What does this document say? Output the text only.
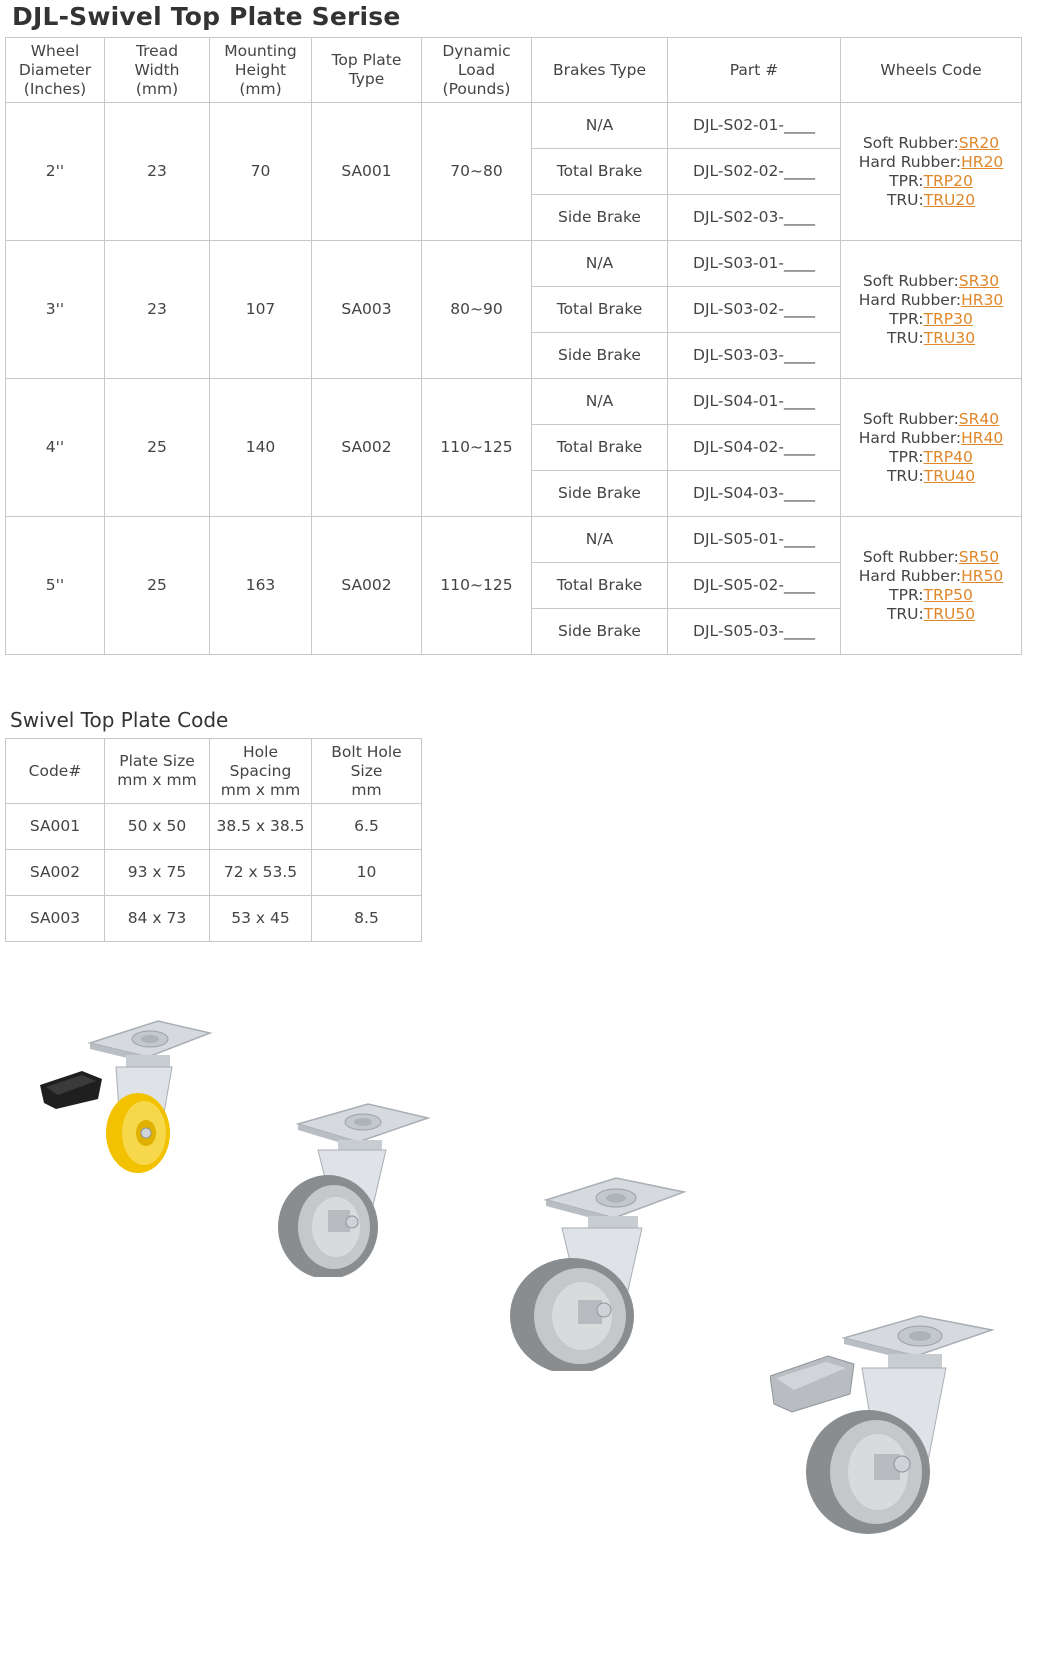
DJL-Swivel Top Plate Serise
Wheel
Diameter
(Inches)	Tread
Width
(mm)	Mounting
Height
(mm)	Top Plate
Type	Dynamic
Load
(Pounds)	Brakes Type	Part #	Wheels Code
2''	23	70	SA001	70~80	N/A	DJL-S02-01-____	Soft Rubber:SR20
Hard Rubber:HR20
TPR:TRP20
TRU:TRU20

					Total Brake	DJL-S02-02-____	
					Side Brake	DJL-S02-03-____	
3''	23	107	SA003	80~90	N/A	DJL-S03-01-____	Soft Rubber:SR30
Hard Rubber:HR30
TPR:TRP30
TRU:TRU30

					Total Brake	DJL-S03-02-____	
					Side Brake	DJL-S03-03-____	
4''	25	140	SA002	110~125	N/A	DJL-S04-01-____	Soft Rubber:SR40
Hard Rubber:HR40
TPR:TRP40
TRU:TRU40

					Total Brake	DJL-S04-02-____	
					Side Brake	DJL-S04-03-____	
5''	25	163	SA002	110~125	N/A	DJL-S05-01-____	Soft Rubber:SR50
Hard Rubber:HR50
TPR:TRP50
TRU:TRU50

					Total Brake	DJL-S05-02-____	
					Side Brake	DJL-S05-03-____	
Swivel Top Plate Code
Code#	Plate Size
mm x mm	Hole
Spacing
mm x mm	Bolt Hole Size
mm
SA001	50 x 50	38.5 x 38.5	6.5
SA002	93 x 75	72 x 53.5	10
SA003	84 x 73	53 x 45	8.5
